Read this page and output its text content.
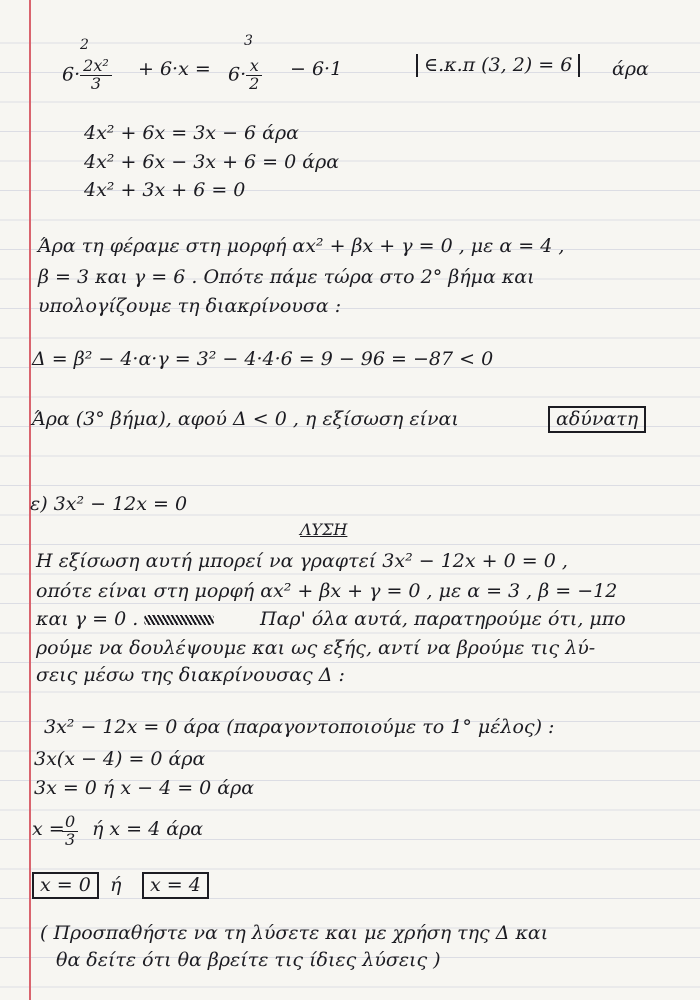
$6\cdot \frac{\text{2x²}}{3}$	$6\cdot \frac{x}{2}$
2	3
+ 6·x =	− 6·1	∈.κ.π (3, 2) = 6	άρα
4x² + 6x = 3x − 6 άρα
4x² + 6x − 3x + 6 = 0 άρα
4x² + 3x + 6 = 0
Άρα τη φέραμε στη μορφή αx² + βx + γ = 0 , με α = 4 ,
β = 3 και γ = 6 . Οπότε πάμε τώρα στο 2° βήμα και
υπολογίζουμε τη διακρίνουσα :
Δ = β² − 4·α·γ = 3² − 4·4·6 = 9 − 96 = −87 < 0
Άρα (3° βήμα), αφού Δ < 0 , η εξίσωση είναι
ε) 3x² − 12x = 0
Η εξίσωση αυτή μπορεί να γραφτεί 3x² − 12x + 0 = 0 ,
οπότε είναι στη μορφή αx² + βx + γ = 0 , με α = 3 , β = −12
Παρ' όλα αυτά, παρατηρούμε ότι, μπο
ρούμε να δουλέψουμε και ως εξής, αντί να βρούμε τις λύ-
σεις μέσω της διακρίνουσας Δ :
3x² − 12x = 0 άρα (παραγοντοποιούμε το 1° μέλος) :
3x(x − 4) = 0 άρα
3x = 0 ή x − 4 = 0 άρα
x = ή x = 4 άρα
ή
( Προσπαθήστε να τη λύσετε και με χρήση της Δ και
θα δείτε ότι θα βρείτε τις ίδιες λύσεις )
αδύνατη
ΛΥΣΗ
και γ = 0 .
$\frac{0}{3}$
x = 0	x = 4
